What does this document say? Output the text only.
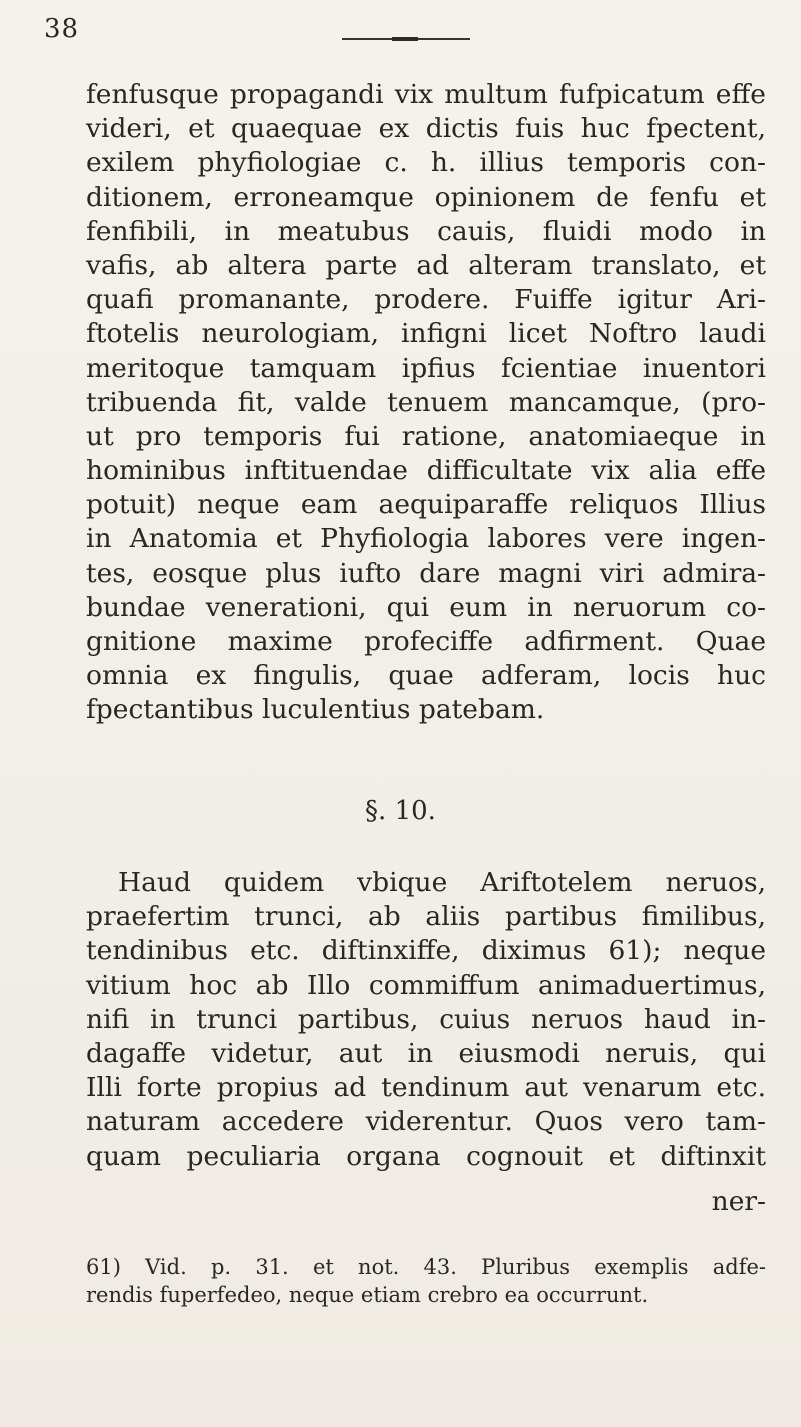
38
fenfusque propagandi vix multum fufpicatum effe
videri, et quaequae ex dictis fuis huc fpectent,
exilem phyfiologiae c. h. illius temporis con-
ditionem, erroneamque opinionem de fenfu et
fenfibili, in meatubus cauis, fluidi modo in
vafis, ab altera parte ad alteram translato, et
quafi promanante, prodere. Fuiffe igitur Ari-
ftotelis neurologiam, infigni licet Noftro laudi
meritoque tamquam ipfius fcientiae inuentori
tribuenda fit, valde tenuem mancamque, (pro-
ut pro temporis fui ratione, anatomiaeque in
hominibus inftituendae difficultate vix alia effe
potuit) neque eam aequiparaffe reliquos Illius
in Anatomia et Phyfiologia labores vere ingen-
tes, eosque plus iufto dare magni viri admira-
bundae venerationi, qui eum in neruorum co-
gnitione maxime profeciffe adfirment. Quae
omnia ex fingulis, quae adferam, locis huc
fpectantibus luculentius patebam.
§. 10.
Haud quidem vbique Ariftotelem neruos,
praefertim trunci, ab aliis partibus fimilibus,
tendinibus etc. diftinxiffe, diximus 61); neque
vitium hoc ab Illo commiffum animaduertimus,
nifi in trunci partibus, cuius neruos haud in-
dagaffe videtur, aut in eiusmodi neruis, qui
Illi forte propius ad tendinum aut venarum etc.
naturam accedere viderentur. Quos vero tam-
quam peculiaria organa cognouit et diftinxit
ner-
61) Vid. p. 31. et not. 43. Pluribus exemplis adfe-
rendis fuperfedeo, neque etiam crebro ea occurrunt.
